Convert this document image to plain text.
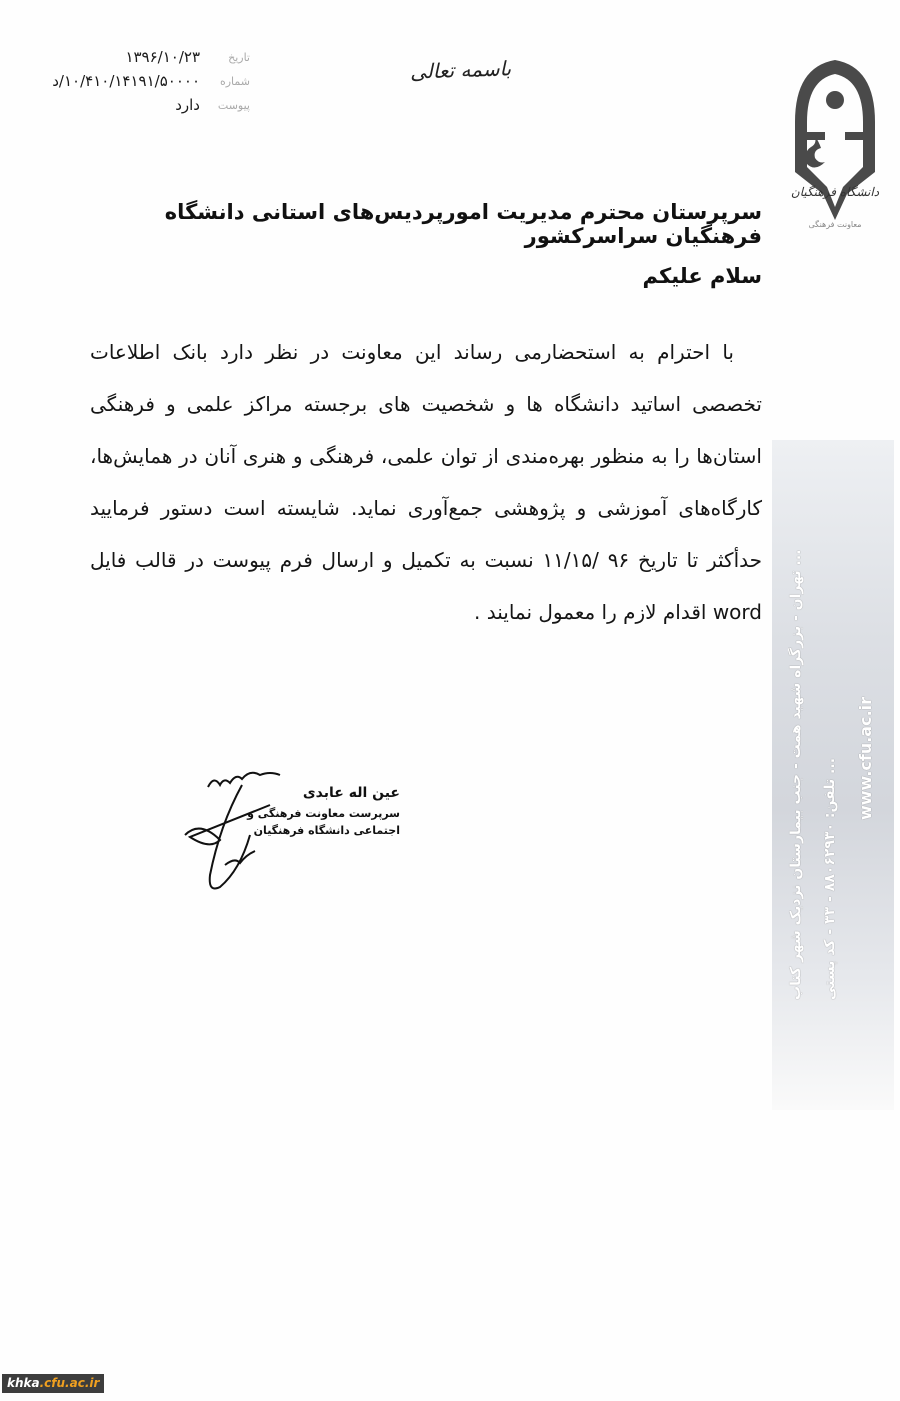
تاریخ
۱۳۹۶/۱۰/۲۳
شماره
۱۰/۴۱۰/۱۴۱۹۱/۵۰۰۰۰/د
پیوست
دارد
باسمه تعالی
دانشگاه فرهنگیان
معاونت فرهنگی
تهران - بزرگراه شهید همت - جنب بیمارستان نزدیک شهر کتاب ...
تلفن: ۸۸۰۶۲۹۳۰ - ۳۳ - کد پستی ... www.cfu.ac.ir
سرپرستان محترم مدیریت امورپردیس‌های استانی دانشگاه فرهنگیان سراسرکشور
سلام علیکم

با احترام به استحضارمی رساند این معاونت در نظر دارد بانک اطلاعات تخصصی اساتید دانشگاه ها و شخصیت های برجسته مراکز علمی و فرهنگی استان‌ها را به منظور بهره‌مندی از توان علمی، فرهنگی و هنری آنان در همایش‌ها، کارگاه‌های آموزشی و پژوهشی جمع‌آوری نماید. شایسته است دستور فرمایید حدأکثر تا تاریخ ۹۶ /۱۱/۱۵ نسبت به تکمیل و ارسال فرم پیوست در قالب فایل word اقدام لازم را معمول نمایند .

عین اله عابدی
سرپرست معاونت فرهنگی و
اجتماعی دانشگاه فرهنگیان
khka .cfu.ac.ir
